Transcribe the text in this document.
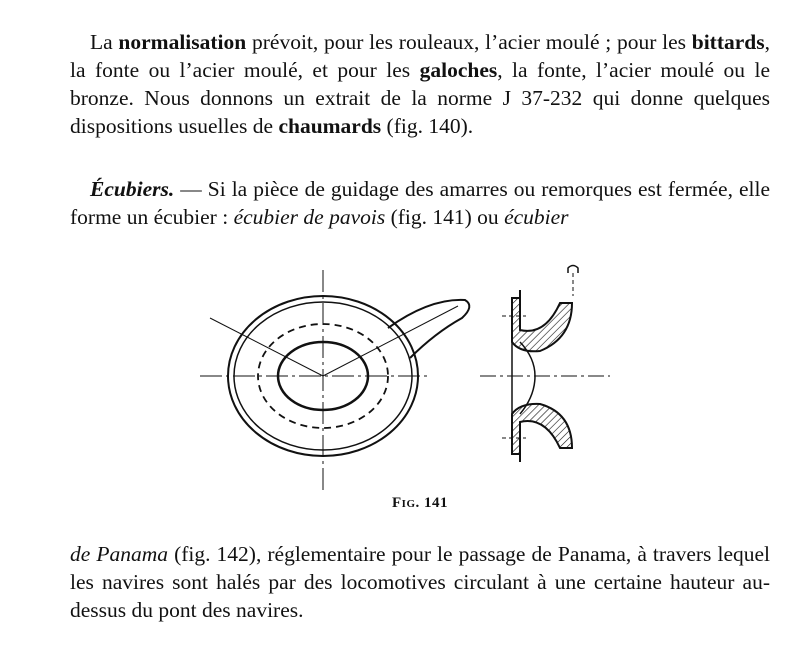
La normalisation prévoit, pour les rouleaux, l’acier moulé ; pour les bittards, la fonte ou l’acier moulé, et pour les galoches, la fonte, l’acier moulé ou le bronze. Nous donnons un extrait de la norme J 37-232 qui donne quelques dispositions usuelles de chaumards (fig. 140).

Écubiers. — Si la pièce de guidage des amarres ou remorques est fermée, elle forme un écubier : écubier de pavois (fig. 141) ou écubier

Fig. 141

de Panama (fig. 142), réglementaire pour le passage de Panama, à travers lequel les navires sont halés par des locomotives circulant à une certaine hauteur au-dessus du pont des navires.
